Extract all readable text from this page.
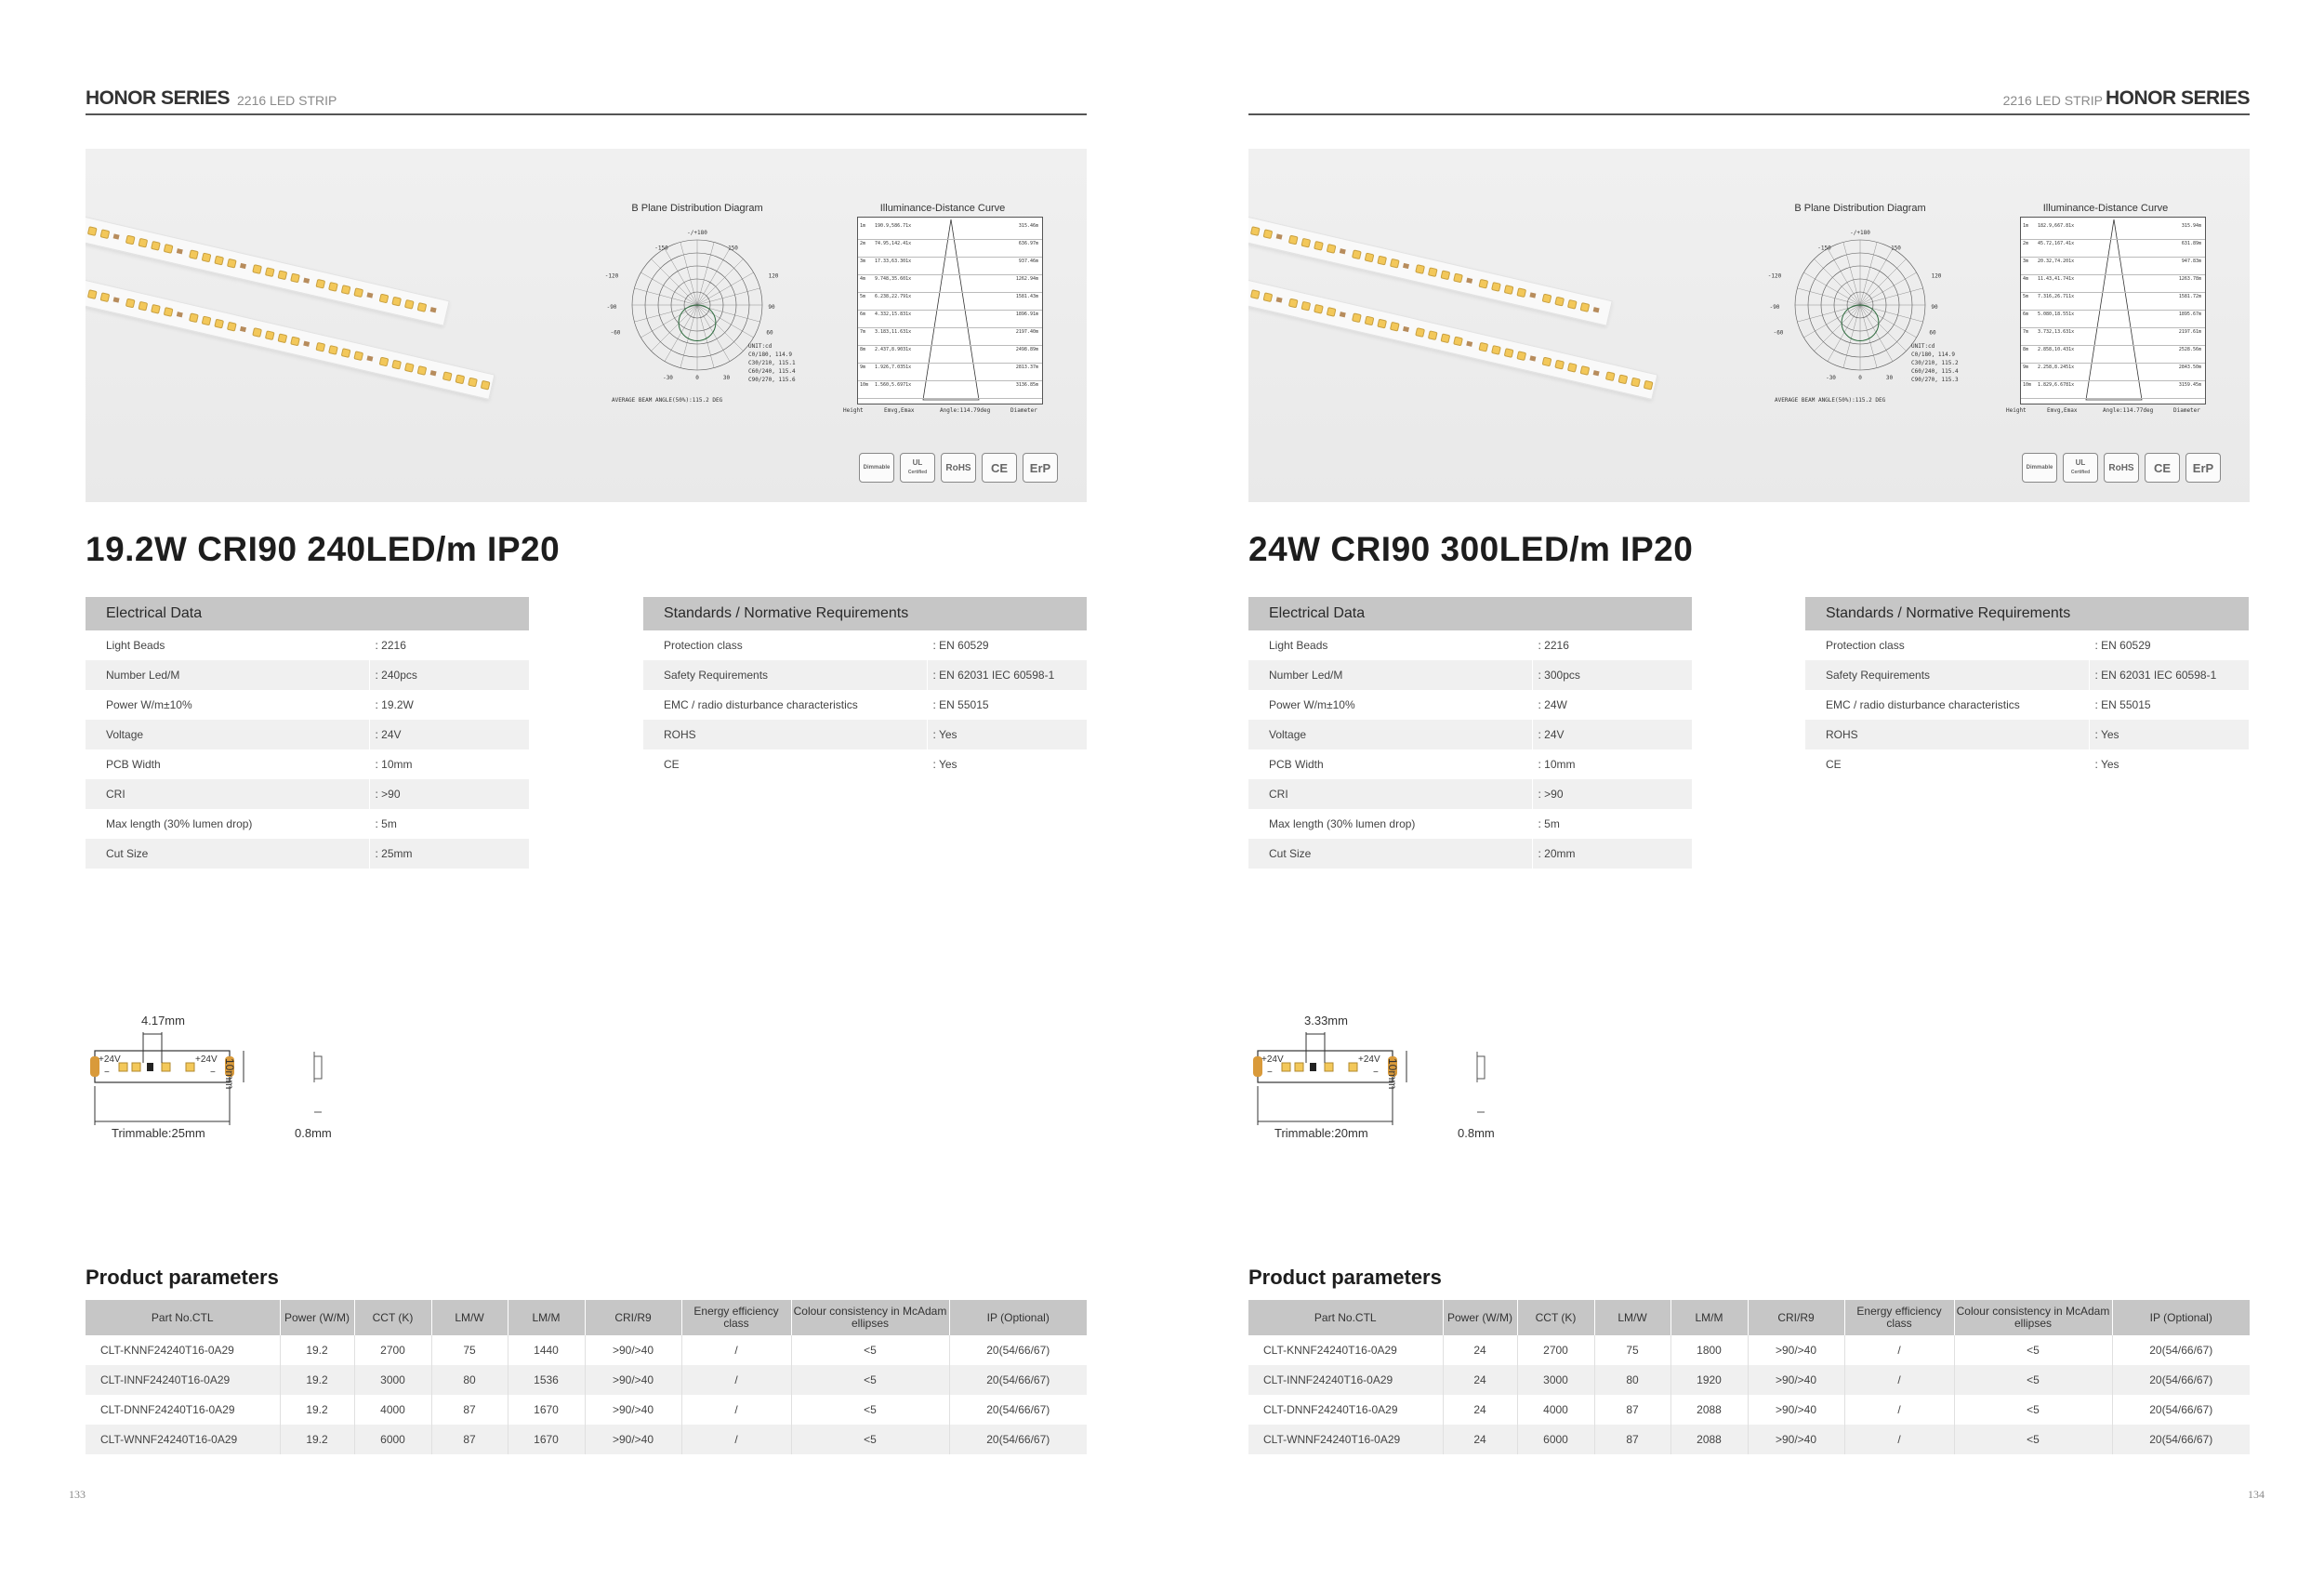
HONOR SERIES 2216 LED STRIP
B Plane Distribution Diagram
-/+180
-150	150
-120	120
-90	90
-60	60
-30	30
0
UNIT:cd
C0/180, 114.9
C30/210, 115.1
C60/240, 115.4
C90/270, 115.6
AVERAGE BEAM ANGLE(50%):115.2 DEG
Illuminance-Distance Curve
1m 190.9,586.71x	315.46m
2m 74.95,142.41x	636.97m
3m 17.33,63.301x	937.46m
4m 9.748,35.601x	1262.94m
5m 6.238,22.791x	1581.43m
6m 4.332,15.831x	1896.91m
7m 3.183,11.631x	2197.40m
8m 2.437,8.9031x	2498.89m
9m 1.926,7.0351x	2813.37m
10m 1.560,5.6971x	3136.85m
Height	Emvg,Emax	Angle:114.79deg	Diameter
Dimmable
UL
Certified	RoHS	CE	ErP
19.2W CRI90 240LED/m IP20
Electrical Data	
Light Beads	: 2216
Number Led/M	: 240pcs
Power W/m±10%	: 19.2W
Voltage	: 24V
PCB Width	: 10mm
CRI	: >90
Max length (30% lumen drop)	: 5m
Cut Size	: 25mm
Standards / Normative Requirements	
Protection class	: EN 60529
Safety Requirements	: EN 62031 IEC 60598-1
EMC / radio disturbance characteristics	: EN 55015
ROHS	: Yes
CE	: Yes
4.17mm
+24V	+24V
−	− 10mm
Trimmable:25mm	0.8mm
Product parameters
Part No.CTL	Power (W/M)	CCT (K)	LM/W	LM/M	CRI/R9	Energy efficiency class	Colour consistency in McAdam ellipses	IP (Optional)
CLT-KNNF24240T16-0A29	19.2	2700	75	1440	>90/>40	/	<5	20(54/66/67)
CLT-INNF24240T16-0A29	19.2	3000	80	1536	>90/>40	/	<5	20(54/66/67)
CLT-DNNF24240T16-0A29	19.2	4000	87	1670	>90/>40	/	<5	20(54/66/67)
CLT-WNNF24240T16-0A29	19.2	6000	87	1670	>90/>40	/	<5	20(54/66/67)
133
HONOR SERIES
2216 LED STRIP
B Plane Distribution Diagram
-/+180
-150	150
-120	120
-90	90
-60	60
-30	30
0
UNIT:cd
C0/180, 114.9
C30/210, 115.2
C60/240, 115.4
C90/270, 115.3
AVERAGE BEAM ANGLE(50%):115.2 DEG
Illuminance-Distance Curve
1m 182.9,667.81x	315.94m
2m 45.72,167.41x	631.89m
3m 20.32,74.201x	947.83m
4m 11.43,41.741x	1263.78m
5m 7.316,26.711x	1581.72m
6m 5.080,18.551x	1895.67m
7m 3.732,13.631x	2197.61m
8m 2.858,10.431x	2528.56m
9m 2.258,8.2451x	2843.50m
10m 1.829,6.6781x	3159.45m
Height	Emvg,Emax	Angle:114.77deg	Diameter
Dimmable
UL
Certified	RoHS	CE	ErP
24W CRI90 300LED/m IP20
Electrical Data	
Light Beads	: 2216
Number Led/M	: 300pcs
Power W/m±10%	: 24W
Voltage	: 24V
PCB Width	: 10mm
CRI	: >90
Max length (30% lumen drop)	: 5m
Cut Size	: 20mm
Standards / Normative Requirements	
Protection class	: EN 60529
Safety Requirements	: EN 62031 IEC 60598-1
EMC / radio disturbance characteristics	: EN 55015
ROHS	: Yes
CE	: Yes
3.33mm
+24V	+24V
−	− 10mm
Trimmable:20mm	0.8mm
Product parameters
Part No.CTL	Power (W/M)	CCT (K)	LM/W	LM/M	CRI/R9	Energy efficiency class	Colour consistency in McAdam ellipses	IP (Optional)
CLT-KNNF24240T16-0A29	24	2700	75	1800	>90/>40	/	<5	20(54/66/67)
CLT-INNF24240T16-0A29	24	3000	80	1920	>90/>40	/	<5	20(54/66/67)
CLT-DNNF24240T16-0A29	24	4000	87	2088	>90/>40	/	<5	20(54/66/67)
CLT-WNNF24240T16-0A29	24	6000	87	2088	>90/>40	/	<5	20(54/66/67)
134
